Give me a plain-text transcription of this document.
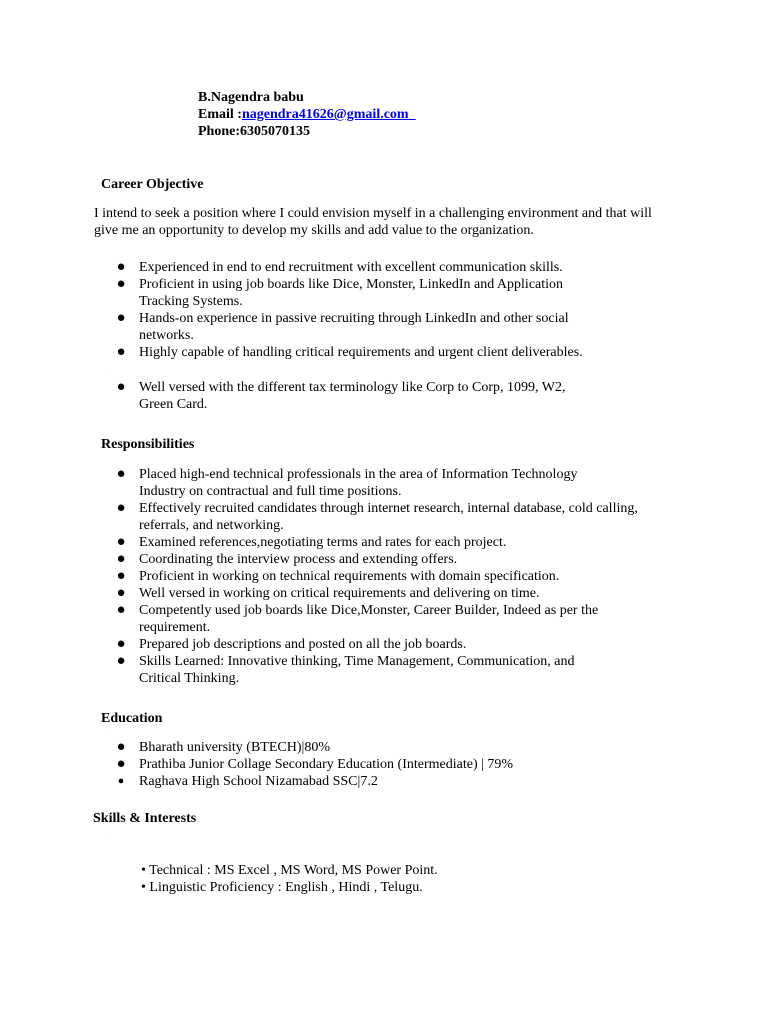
B.Nagendra babu
Email :nagendra41626@gmail.com
Phone:6305070135
Career Objective
.
I intend to seek a position where I could envision myself in a challenging environment and that will give me an opportunity to develop my skills and add value to the organization.
● Experienced in end to end recruitment with excellent communication skills.
● Proficient in using job boards like Dice, Monster, LinkedIn and Application Tracking Systems.
● Hands-on experience in passive recruiting through LinkedIn and other social networks.
● Highly capable of handling critical requirements and urgent client deliverables.
.
● Well versed with the different tax terminology like Corp to Corp, 1099, W2, Green Card.
Responsibilities
● Placed high-end technical professionals in the area of Information Technology Industry on contractual and full time positions.
● Effectively recruited candidates through internet research, internal database, cold calling, referrals, and networking.
● Examined references,negotiating terms and rates for each project.
● Coordinating the interview process and extending offers.
● Proficient in working on technical requirements with domain specification.
● Well versed in working on critical requirements and delivering on time.
● Competently used job boards like Dice,Monster, Career Builder, Indeed as per the requirement.
● Prepared job descriptions and posted on all the job boards.
● Skills Learned: Innovative thinking, Time Management, Communication, and Critical Thinking.
Education
.
● Bharath university (BTECH)|80%
● Prathiba Junior Collage Secondary Education (Intermediate) | 79%
● Raghava High School Nizamabad SSC|7.2
Skills & Interests
.
• Technical : MS Excel , MS Word, MS Power Point.
• Linguistic Proficiency : English , Hindi , Telugu.
